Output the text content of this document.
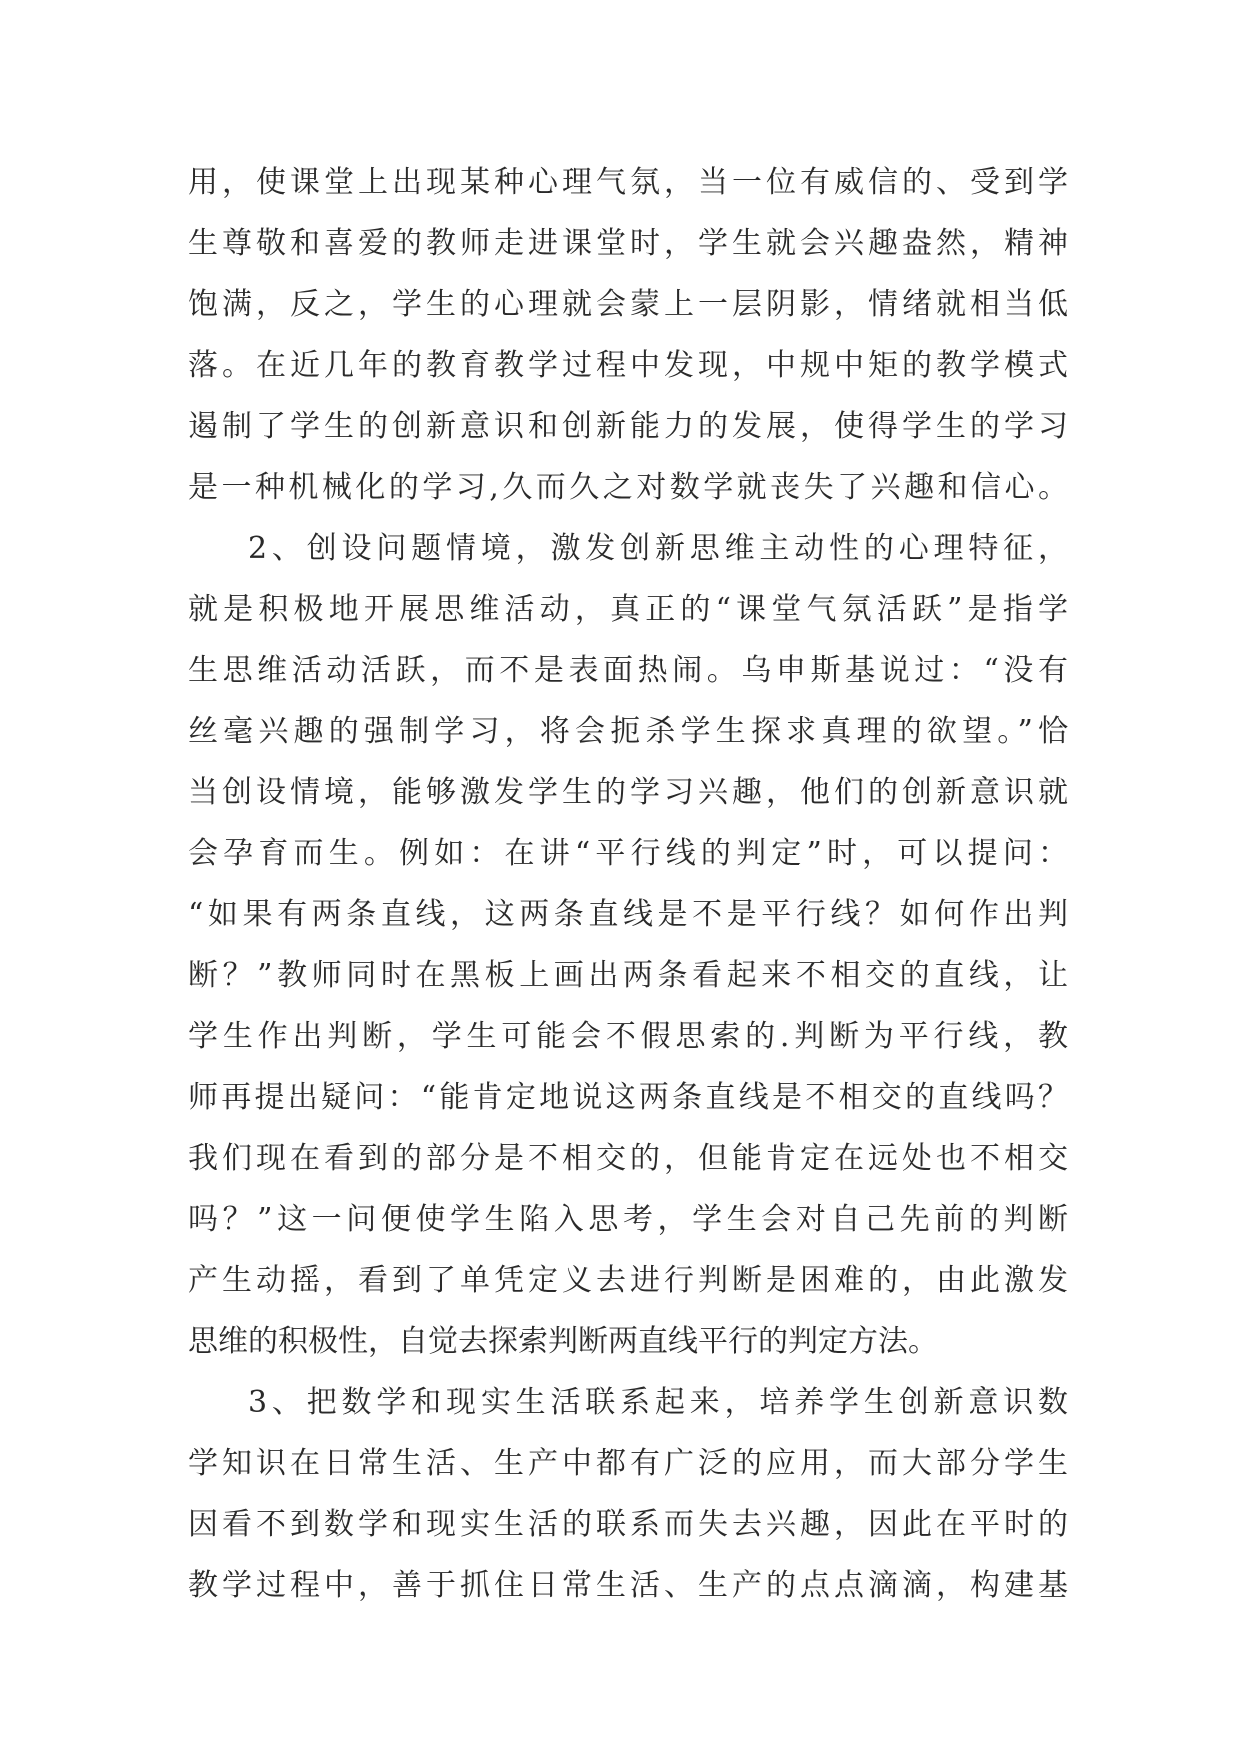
用，使课堂上出现某种心理气氛，当一位有威信的、受到学
生尊敬和喜爱的教师走进课堂时，学生就会兴趣盎然，精神
饱满，反之，学生的心理就会蒙上一层阴影，情绪就相当低
落。在近几年的教育教学过程中发现，中规中矩的教学模式
遏制了学生的创新意识和创新能力的发展，使得学生的学习
是一种机械化的学习,久而久之对数学就丧失了兴趣和信心。
2、创设问题情境，激发创新思维主动性的心理特征，
就是积极地开展思维活动，真正的“课堂气氛活跃”是指学
生思维活动活跃，而不是表面热闹。乌申斯基说过：“没有
丝毫兴趣的强制学习，将会扼杀学生探求真理的欲望。”恰
当创设情境，能够激发学生的学习兴趣，他们的创新意识就
会孕育而生。例如：在讲“平行线的判定”时，可以提问：
“如果有两条直线，这两条直线是不是平行线？如何作出判
断？”教师同时在黑板上画出两条看起来不相交的直线，让
学生作出判断，学生可能会不假思索的.判断为平行线，教
师再提出疑问：“能肯定地说这两条直线是不相交的直线吗？
我们现在看到的部分是不相交的，但能肯定在远处也不相交
吗？”这一问便使学生陷入思考，学生会对自己先前的判断
产生动摇，看到了单凭定义去进行判断是困难的，由此激发
思维的积极性，自觉去探索判断两直线平行的判定方法。
3、把数学和现实生活联系起来，培养学生创新意识数
学知识在日常生活、生产中都有广泛的应用，而大部分学生
因看不到数学和现实生活的联系而失去兴趣，因此在平时的
教学过程中，善于抓住日常生活、生产的点点滴滴，构建基
